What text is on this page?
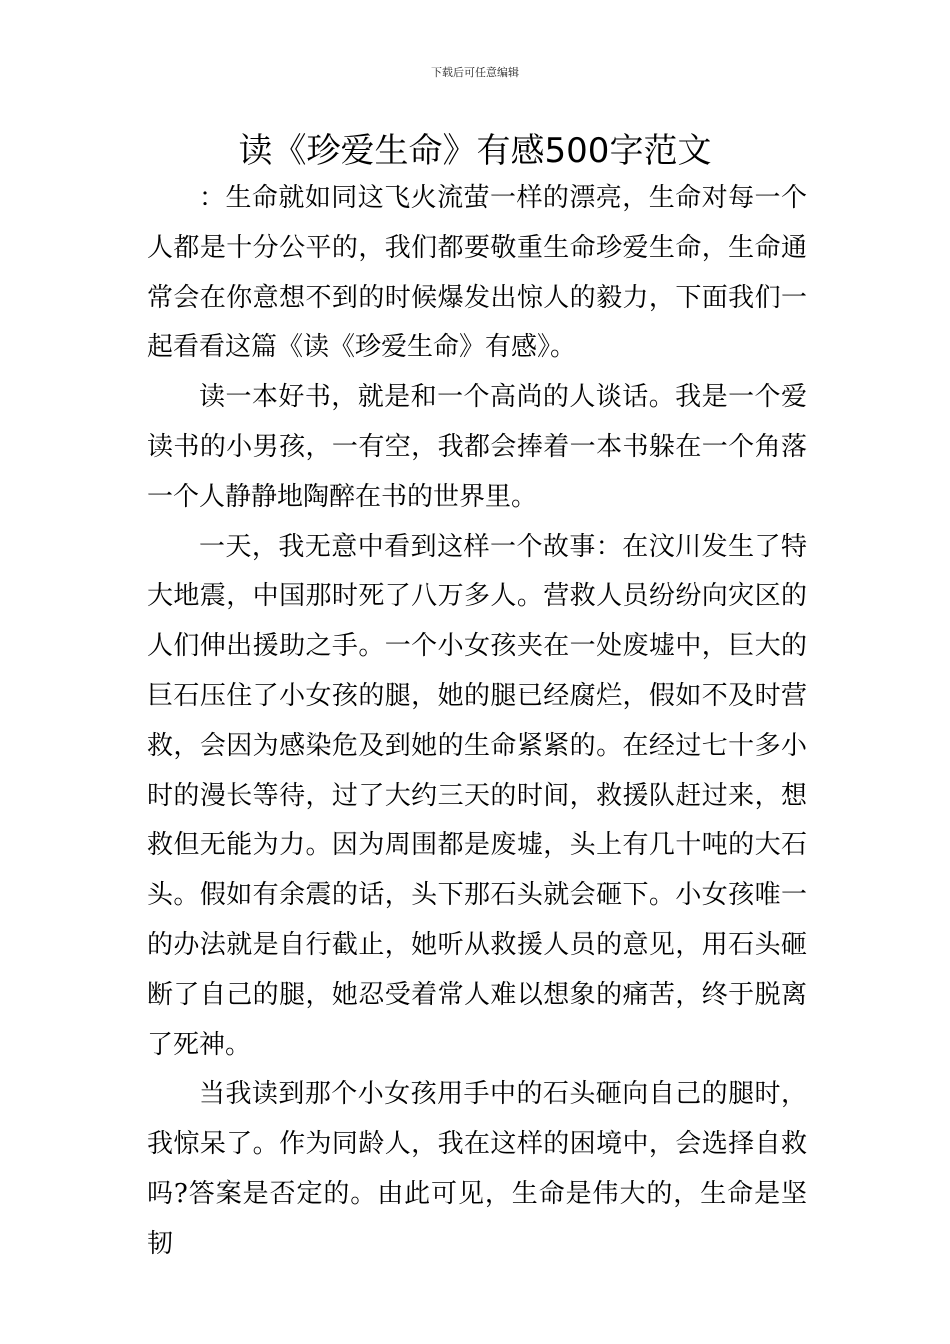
下载后可任意编辑
读《珍爱生命》有感500字范文

：生命就如同这飞火流萤一样的漂亮，生命对每一个人都是十分公平的，我们都要敬重生命珍爱生命，生命通常会在你意想不到的时候爆发出惊人的毅力，下面我们一起看看这篇《读《珍爱生命》有感》。

读一本好书，就是和一个高尚的人谈话。我是一个爱读书的小男孩，一有空，我都会捧着一本书躲在一个角落一个人静静地陶醉在书的世界里。

一天，我无意中看到这样一个故事：在汶川发生了特大地震，中国那时死了八万多人。营救人员纷纷向灾区的人们伸出援助之手。一个小女孩夹在一处废墟中，巨大的巨石压住了小女孩的腿，她的腿已经腐烂，假如不及时营救，会因为感染危及到她的生命紧紧的。在经过七十多小时的漫长等待，过了大约三天的时间，救援队赶过来，想救但无能为力。因为周围都是废墟，头上有几十吨的大石头。假如有余震的话，头下那石头就会砸下。小女孩唯一的办法就是自行截止，她听从救援人员的意见，用石头砸断了自己的腿，她忍受着常人难以想象的痛苦，终于脱离了死神。

当我读到那个小女孩用手中的石头砸向自己的腿时，我惊呆了。作为同龄人，我在这样的困境中，会选择自救吗?答案是否定的。由此可见，生命是伟大的，生命是坚韧
